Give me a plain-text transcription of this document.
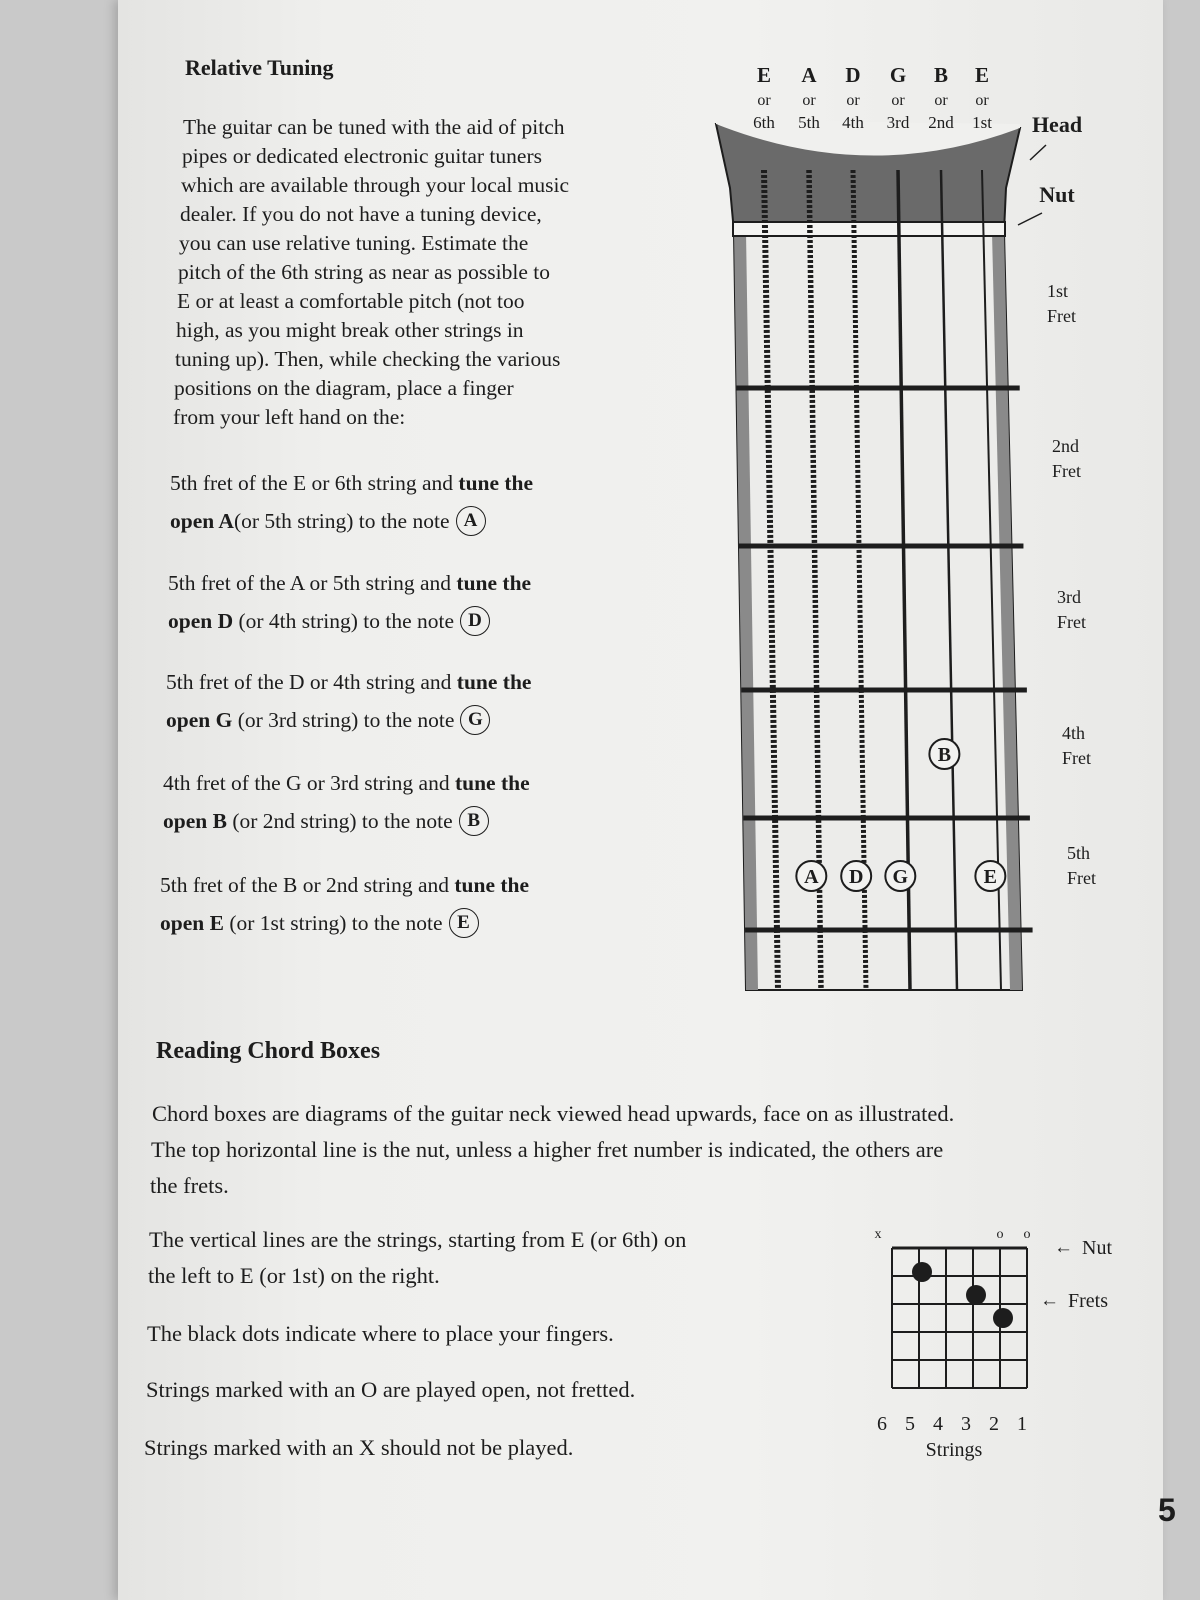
Relative Tuning
The guitar can be tuned with the aid of pitch
pipes or dedicated electronic guitar tuners
which are available through your local music
dealer. If you do not have a tuning device,
you can use relative tuning. Estimate the
pitch of the 6th string as near as possible to
E or at least a comfortable pitch (not too
high, as you might break other strings in
tuning up). Then, while checking the various
positions on the diagram, place a finger
from your left hand on the:
5th fret of the E or 6th string and tune the
open A(or 5th string) to the note A
5th fret of the A or 5th string and tune the
open D (or 4th string) to the note D
5th fret of the D or 4th string and tune the
open G (or 3rd string) to the note G
4th fret of the G or 3rd string and tune the
open B (or 2nd string) to the note B
5th fret of the B or 2nd string and tune the
open E (or 1st string) to the note E
E
or
6th
A
or
5th
D
or
4th
G
or
3rd
B
or
2nd
E
or
1st
A D G
B
E
Head
Nut
1st
Fret
2nd
Fret
3rd
Fret
4th
Fret
5th
Fret
Reading Chord Boxes
Chord boxes are diagrams of the guitar neck viewed head upwards, face on as illustrated.
The top horizontal line is the nut, unless a higher fret number is indicated, the others are
the frets.
The vertical lines are the strings, starting from E (or 6th) on
the left to E (or 1st) on the right.
The black dots indicate where to place your fingers.
Strings marked with an O are played open, not fretted.
Strings marked with an X should not be played.
x	o o
6 5 4 3 2 1
← Nut
← Frets
Strings
5
